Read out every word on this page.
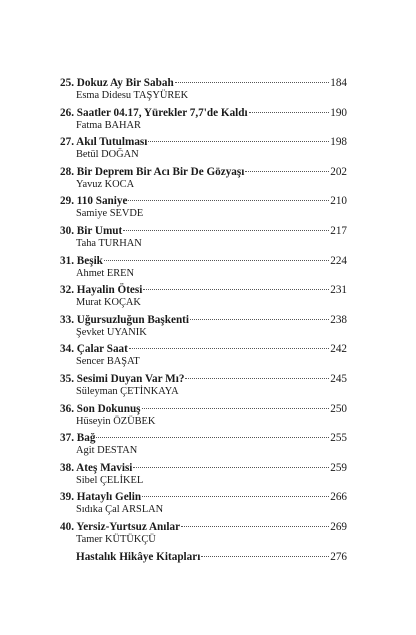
25. Dokuz Ay Bir Sabah	184
Esma Didesu TAŞYÜREK
26. Saatler 04.17, Yürekler 7,7'de Kaldı	190
Fatma BAHAR
27. Akıl Tutulması	198
Betül DOĞAN
28. Bir Deprem Bir Acı Bir De Gözyaşı	202
Yavuz KOCA
29. 110 Saniye	210
Samiye SEVDE
30. Bir Umut	217
Taha TURHAN
31. Beşik	224
Ahmet EREN
32. Hayalin Ötesi	231
Murat KOÇAK
33. Uğursuzluğun Başkenti	238
Şevket UYANIK
34. Çalar Saat	242
Sencer BAŞAT
35. Sesimi Duyan Var Mı?	245
Süleyman ÇETİNKAYA
36. Son Dokunuş	250
Hüseyin ÖZÜBEK
37. Bağ	255
Agit DESTAN
38. Ateş Mavisi	259
Sibel ÇELİKEL
39. Hataylı Gelin	266
Sıdıka Çal ARSLAN
40. Yersiz-Yurtsuz Anılar	269
Tamer KÜTÜKÇÜ
Hastalık Hikâye Kitapları	276
